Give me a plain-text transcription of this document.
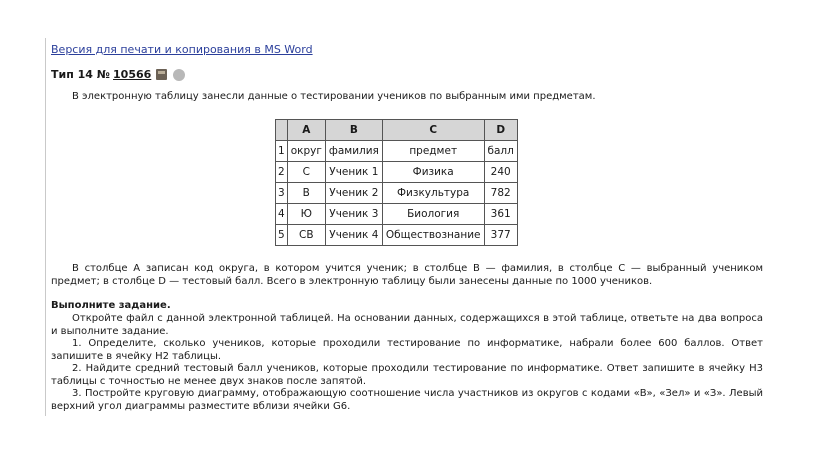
Версия для печати и копирования в MS Word
Тип 14 № 10566
В электронную таблицу занесли данные о тестировании учеников по выбранным ими предметам.
	A	B	C	D
1	округ	фамилия	предмет	балл
2	С	Ученик 1	Физика	240
3	В	Ученик 2	Физкультура	782
4	Ю	Ученик 3	Биология	361
5	СВ	Ученик 4	Обществознание	377
В столбце A записан код округа, в котором учится ученик; в столбце B — фамилия, в столбце C — выбранный учеником предмет; в столбце D — тестовый балл. Всего в электронную таблицу были занесены данные по 1000 учеников.
Выполните задание.
Откройте файл с данной электронной таблицей. На основании данных, содержащихся в этой таблице, ответьте на два вопроса и выполните задание.
1. Определите, сколько учеников, которые проходили тестирование по информатике, набрали более 600 баллов. Ответ запишите в ячейку H2 таблицы.
2. Найдите средний тестовый балл учеников, которые проходили тестирование по информатике. Ответ запишите в ячейку H3 таблицы с точностью не менее двух знаков после запятой.
3. Постройте круговую диаграмму, отображающую соотношение числа участников из округов с кодами «В», «Зел» и «З». Левый верхний угол диаграммы разместите вблизи ячейки G6.
